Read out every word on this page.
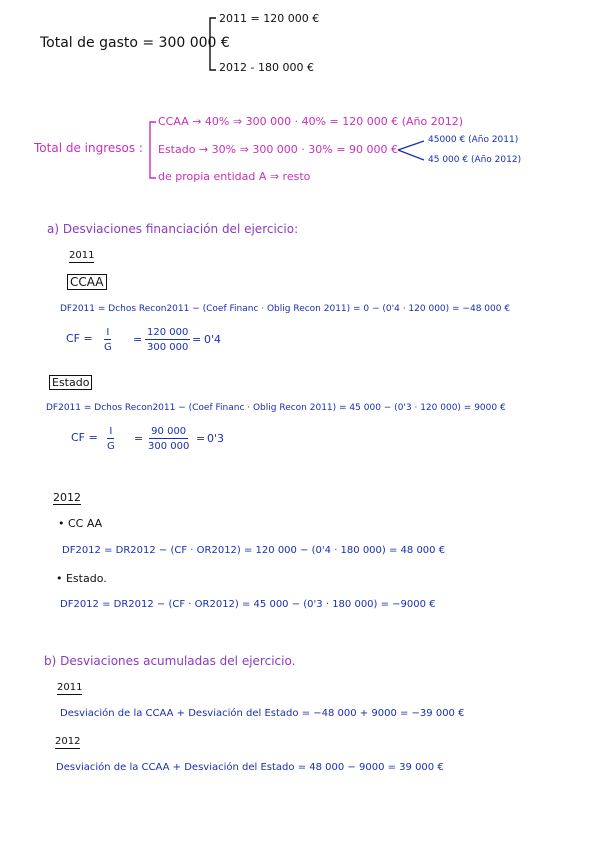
Total de gasto = 300 000 €
2011 = 120 000 €
2012 - 180 000 €
Total de ingresos :
CCAA → 40% ⇒ 300 000 · 40% = 120 000 € (Año 2012)
Estado → 30% ⇒ 300 000 · 30% = 90 000 €
de propia entidad A ⇒ resto
45000 € (Año 2011)
45 000 € (Año 2012)
a) Desviaciones financiación del ejercicio:
2011
CCAA
DF2011 = Dchos Recon2011 − (Coef Financ · Oblig Recon 2011) = 0 − (0'4 · 120 000) = −48 000 €
CF = $\frac{I}{G} = \frac{120 000}{300 000} = 0'4$
Estado
DF2011 = Dchos Recon2011 − (Coef Financ · Oblig Recon 2011) = 45 000 − (0'3 · 120 000) = 9000 €
CF = $\frac{I}{G} = \frac{90 000}{300 000} = 0'3$
2012
• CC AA
DF2012 = DR2012 − (CF · OR2012) = 120 000 − (0'4 · 180 000) = 48 000 €
• Estado.
DF2012 = DR2012 − (CF · OR2012) = 45 000 − (0'3 · 180 000) = −9000 €
b) Desviaciones acumuladas del ejercicio.
2011
Desviación de la CCAA + Desviación del Estado = −48 000 + 9000 = −39 000 €
2012
Desviación de la CCAA + Desviación del Estado = 48 000 − 9000 = 39 000 €
